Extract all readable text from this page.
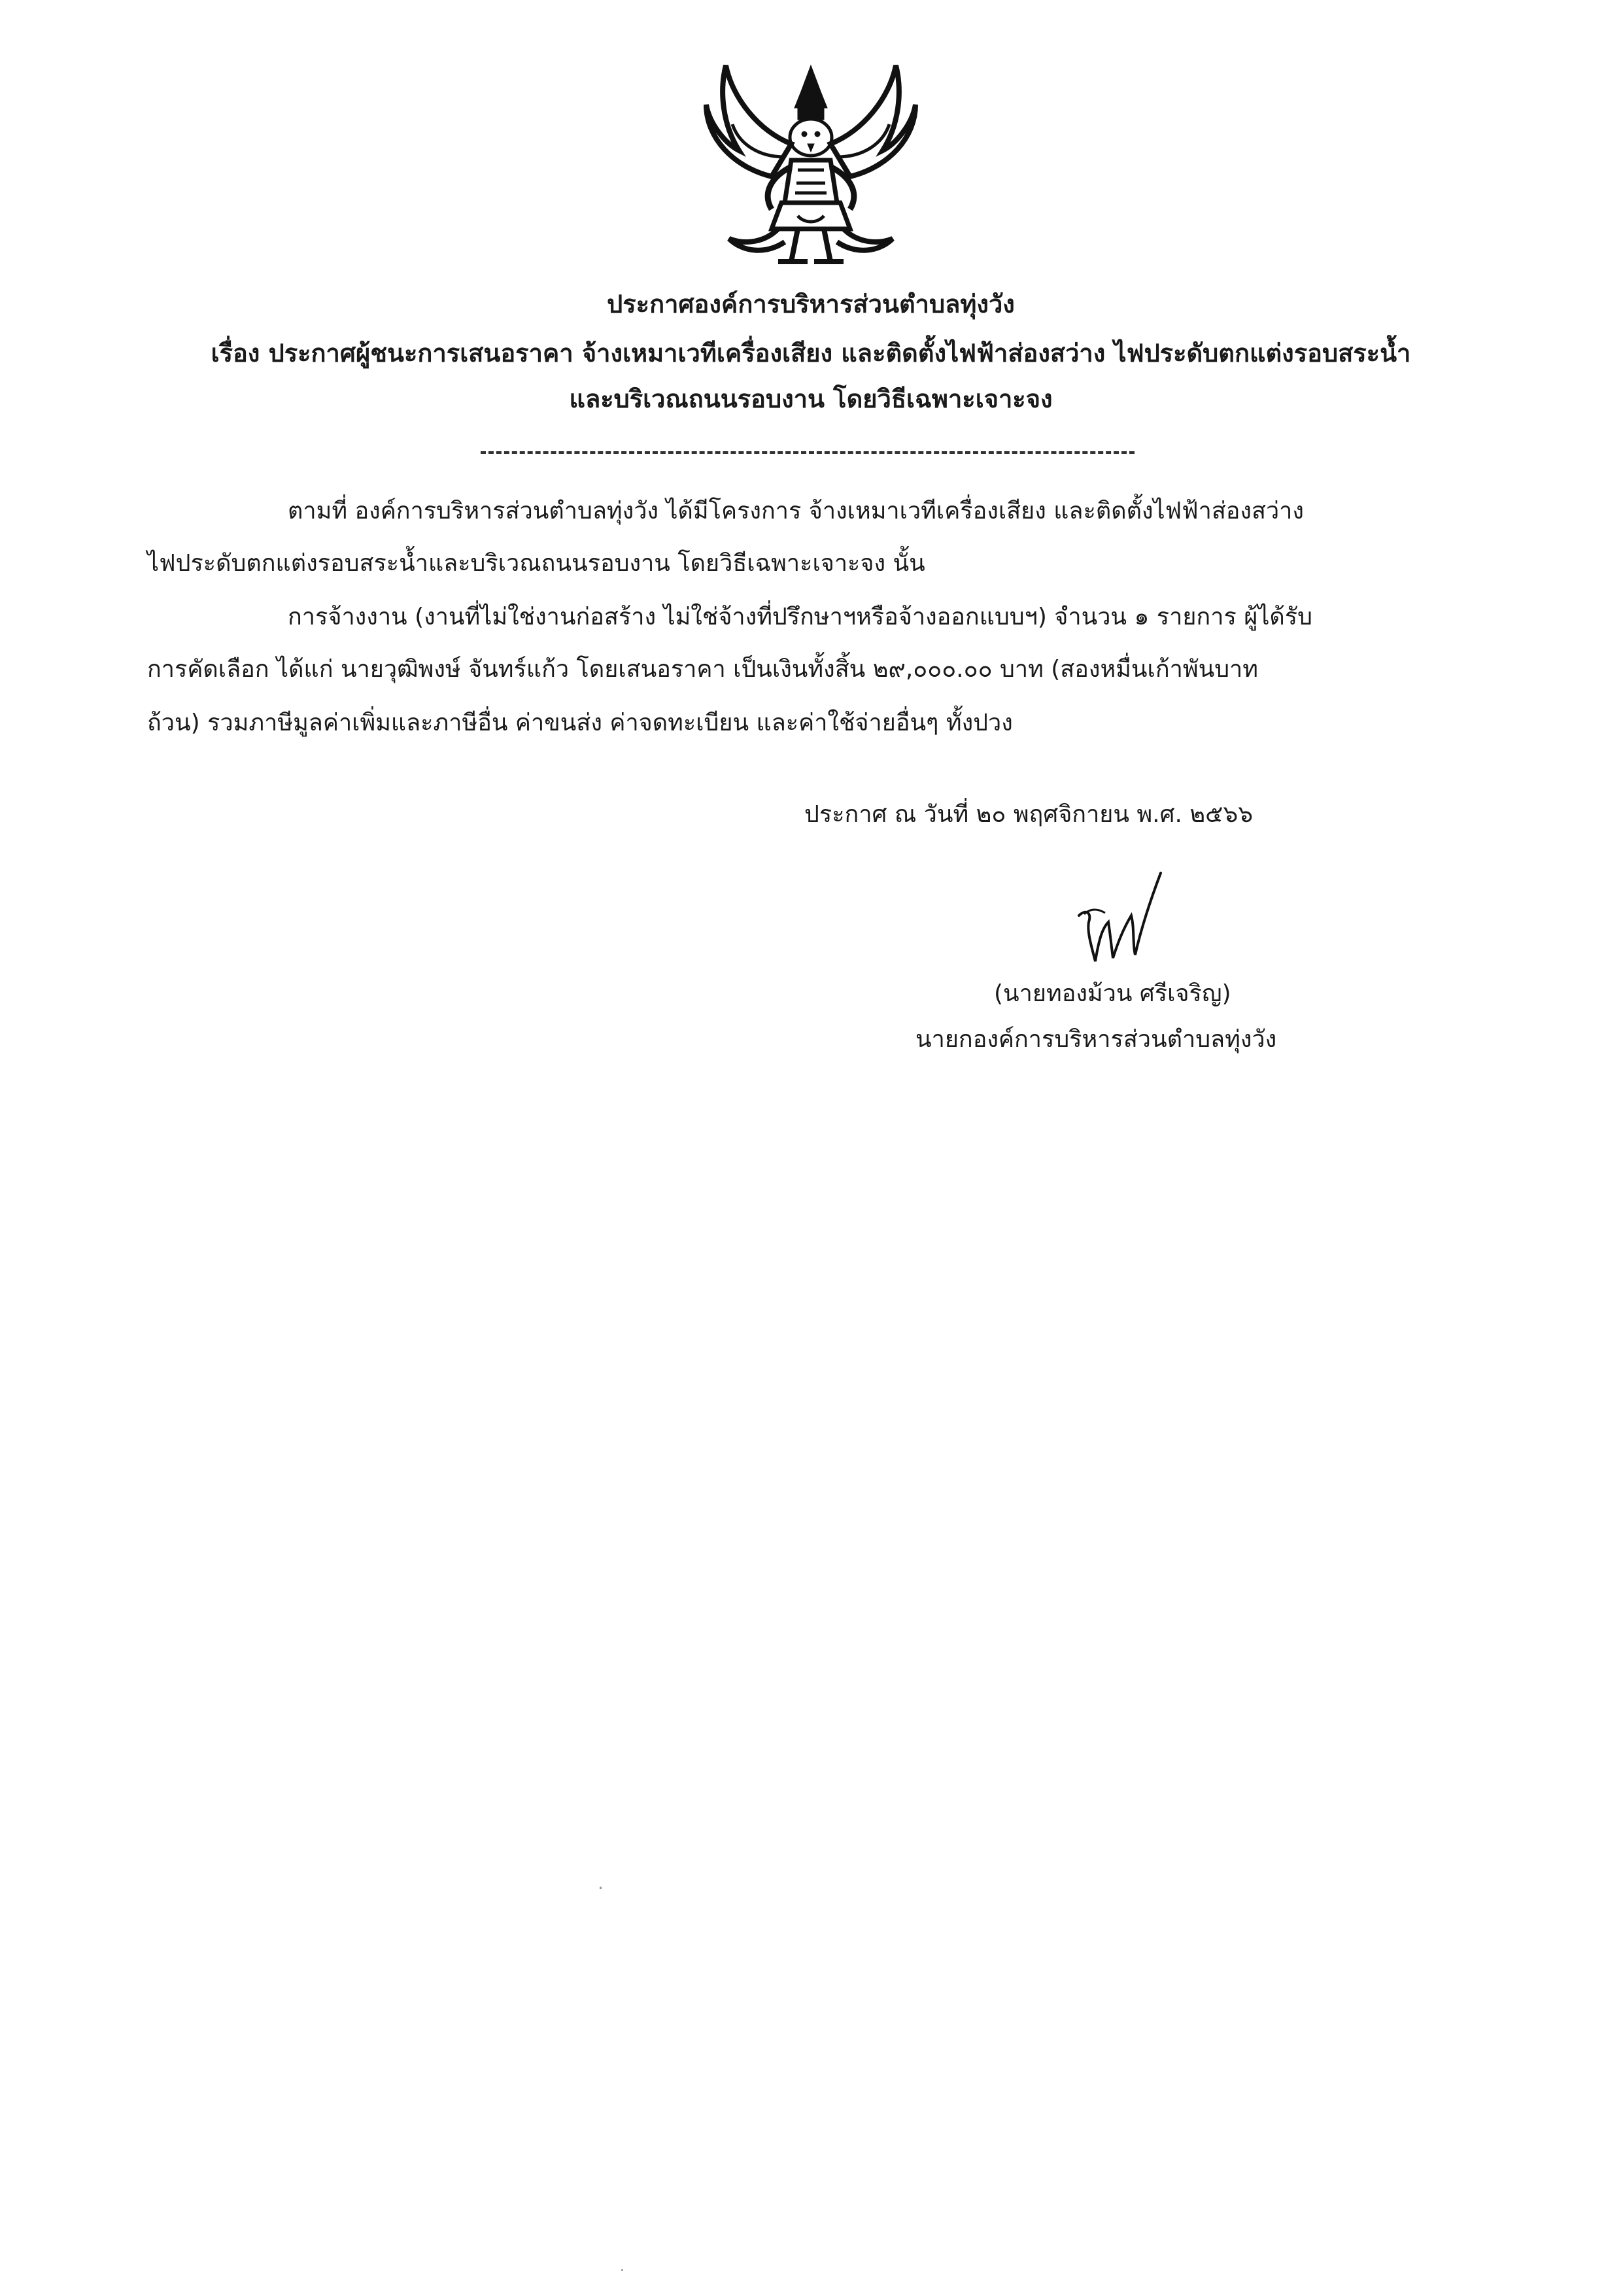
ประกาศองค์การบริหารส่วนตำบลทุ่งวัง
เรื่อง ประกาศผู้ชนะการเสนอราคา จ้างเหมาเวทีเครื่องเสียง และติดตั้งไฟฟ้าส่องสว่าง ไฟประดับตกแต่งรอบสระน้ำ
และบริเวณถนนรอบงาน โดยวิธีเฉพาะเจาะจง
ตามที่ องค์การบริหารส่วนตำบลทุ่งวัง ได้มีโครงการ จ้างเหมาเวทีเครื่องเสียง และติดตั้งไฟฟ้าส่องสว่าง
ไฟประดับตกแต่งรอบสระน้ำและบริเวณถนนรอบงาน โดยวิธีเฉพาะเจาะจง นั้น
การจ้างงาน (งานที่ไม่ใช่งานก่อสร้าง ไม่ใช่จ้างที่ปรึกษาฯหรือจ้างออกแบบฯ) จำนวน ๑ รายการ ผู้ได้รับ
การคัดเลือก ได้แก่ นายวุฒิพงษ์ จันทร์แก้ว โดยเสนอราคา เป็นเงินทั้งสิ้น ๒๙,๐๐๐.๐๐ บาท (สองหมื่นเก้าพันบาท
ถ้วน) รวมภาษีมูลค่าเพิ่มและภาษีอื่น ค่าขนส่ง ค่าจดทะเบียน และค่าใช้จ่ายอื่นๆ ทั้งปวง
ประกาศ ณ วันที่ ๒๐ พฤศจิกายน พ.ศ. ๒๕๖๖
(นายทองม้วน ศรีเจริญ)
นายกองค์การบริหารส่วนตำบลทุ่งวัง
